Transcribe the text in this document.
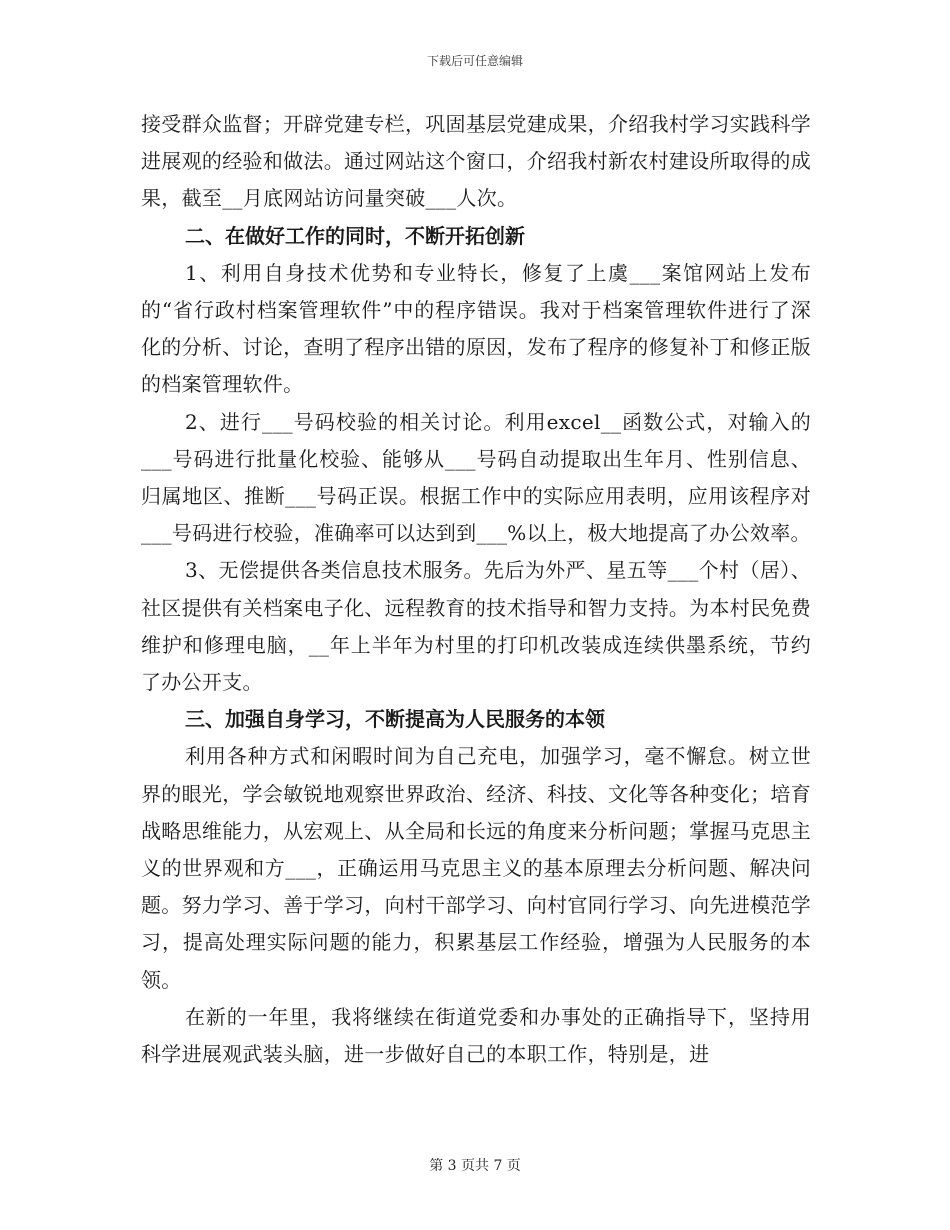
下载后可任意编辑

接受群众监督；开辟党建专栏，巩固基层党建成果，介绍我村学习实践科学进展观的经验和做法。通过网站这个窗口，介绍我村新农村建设所取得的成果，截至__月底网站访问量突破___人次。

二、在做好工作的同时，不断开拓创新

1、利用自身技术优势和专业特长，修复了上虞___案馆网站上发布的“省行政村档案管理软件”中的程序错误。我对于档案管理软件进行了深化的分析、讨论，查明了程序出错的原因，发布了程序的修复补丁和修正版的档案管理软件。

2、进行___号码校验的相关讨论。利用excel__函数公式，对输入的___号码进行批量化校验、能够从___号码自动提取出生年月、性别信息、归属地区、推断___号码正误。根据工作中的实际应用表明，应用该程序对___号码进行校验，准确率可以达到到___%以上，极大地提高了办公效率。

3、无偿提供各类信息技术服务。先后为外严、星五等___个村（居）、社区提供有关档案电子化、远程教育的技术指导和智力支持。为本村民免费维护和修理电脑，__年上半年为村里的打印机改装成连续供墨系统，节约了办公开支。

三、加强自身学习，不断提高为人民服务的本领

利用各种方式和闲暇时间为自己充电，加强学习，毫不懈怠。树立世界的眼光，学会敏锐地观察世界政治、经济、科技、文化等各种变化；培育战略思维能力，从宏观上、从全局和长远的角度来分析问题；掌握马克思主义的世界观和方___，正确运用马克思主义的基本原理去分析问题、解决问题。努力学习、善于学习，向村干部学习、向村官同行学习、向先进模范学习，提高处理实际问题的能力，积累基层工作经验，增强为人民服务的本领。

在新的一年里，我将继续在街道党委和办事处的正确指导下，坚持用科学进展观武装头脑，进一步做好自己的本职工作，特别是，进

第 3 页共 7 页
